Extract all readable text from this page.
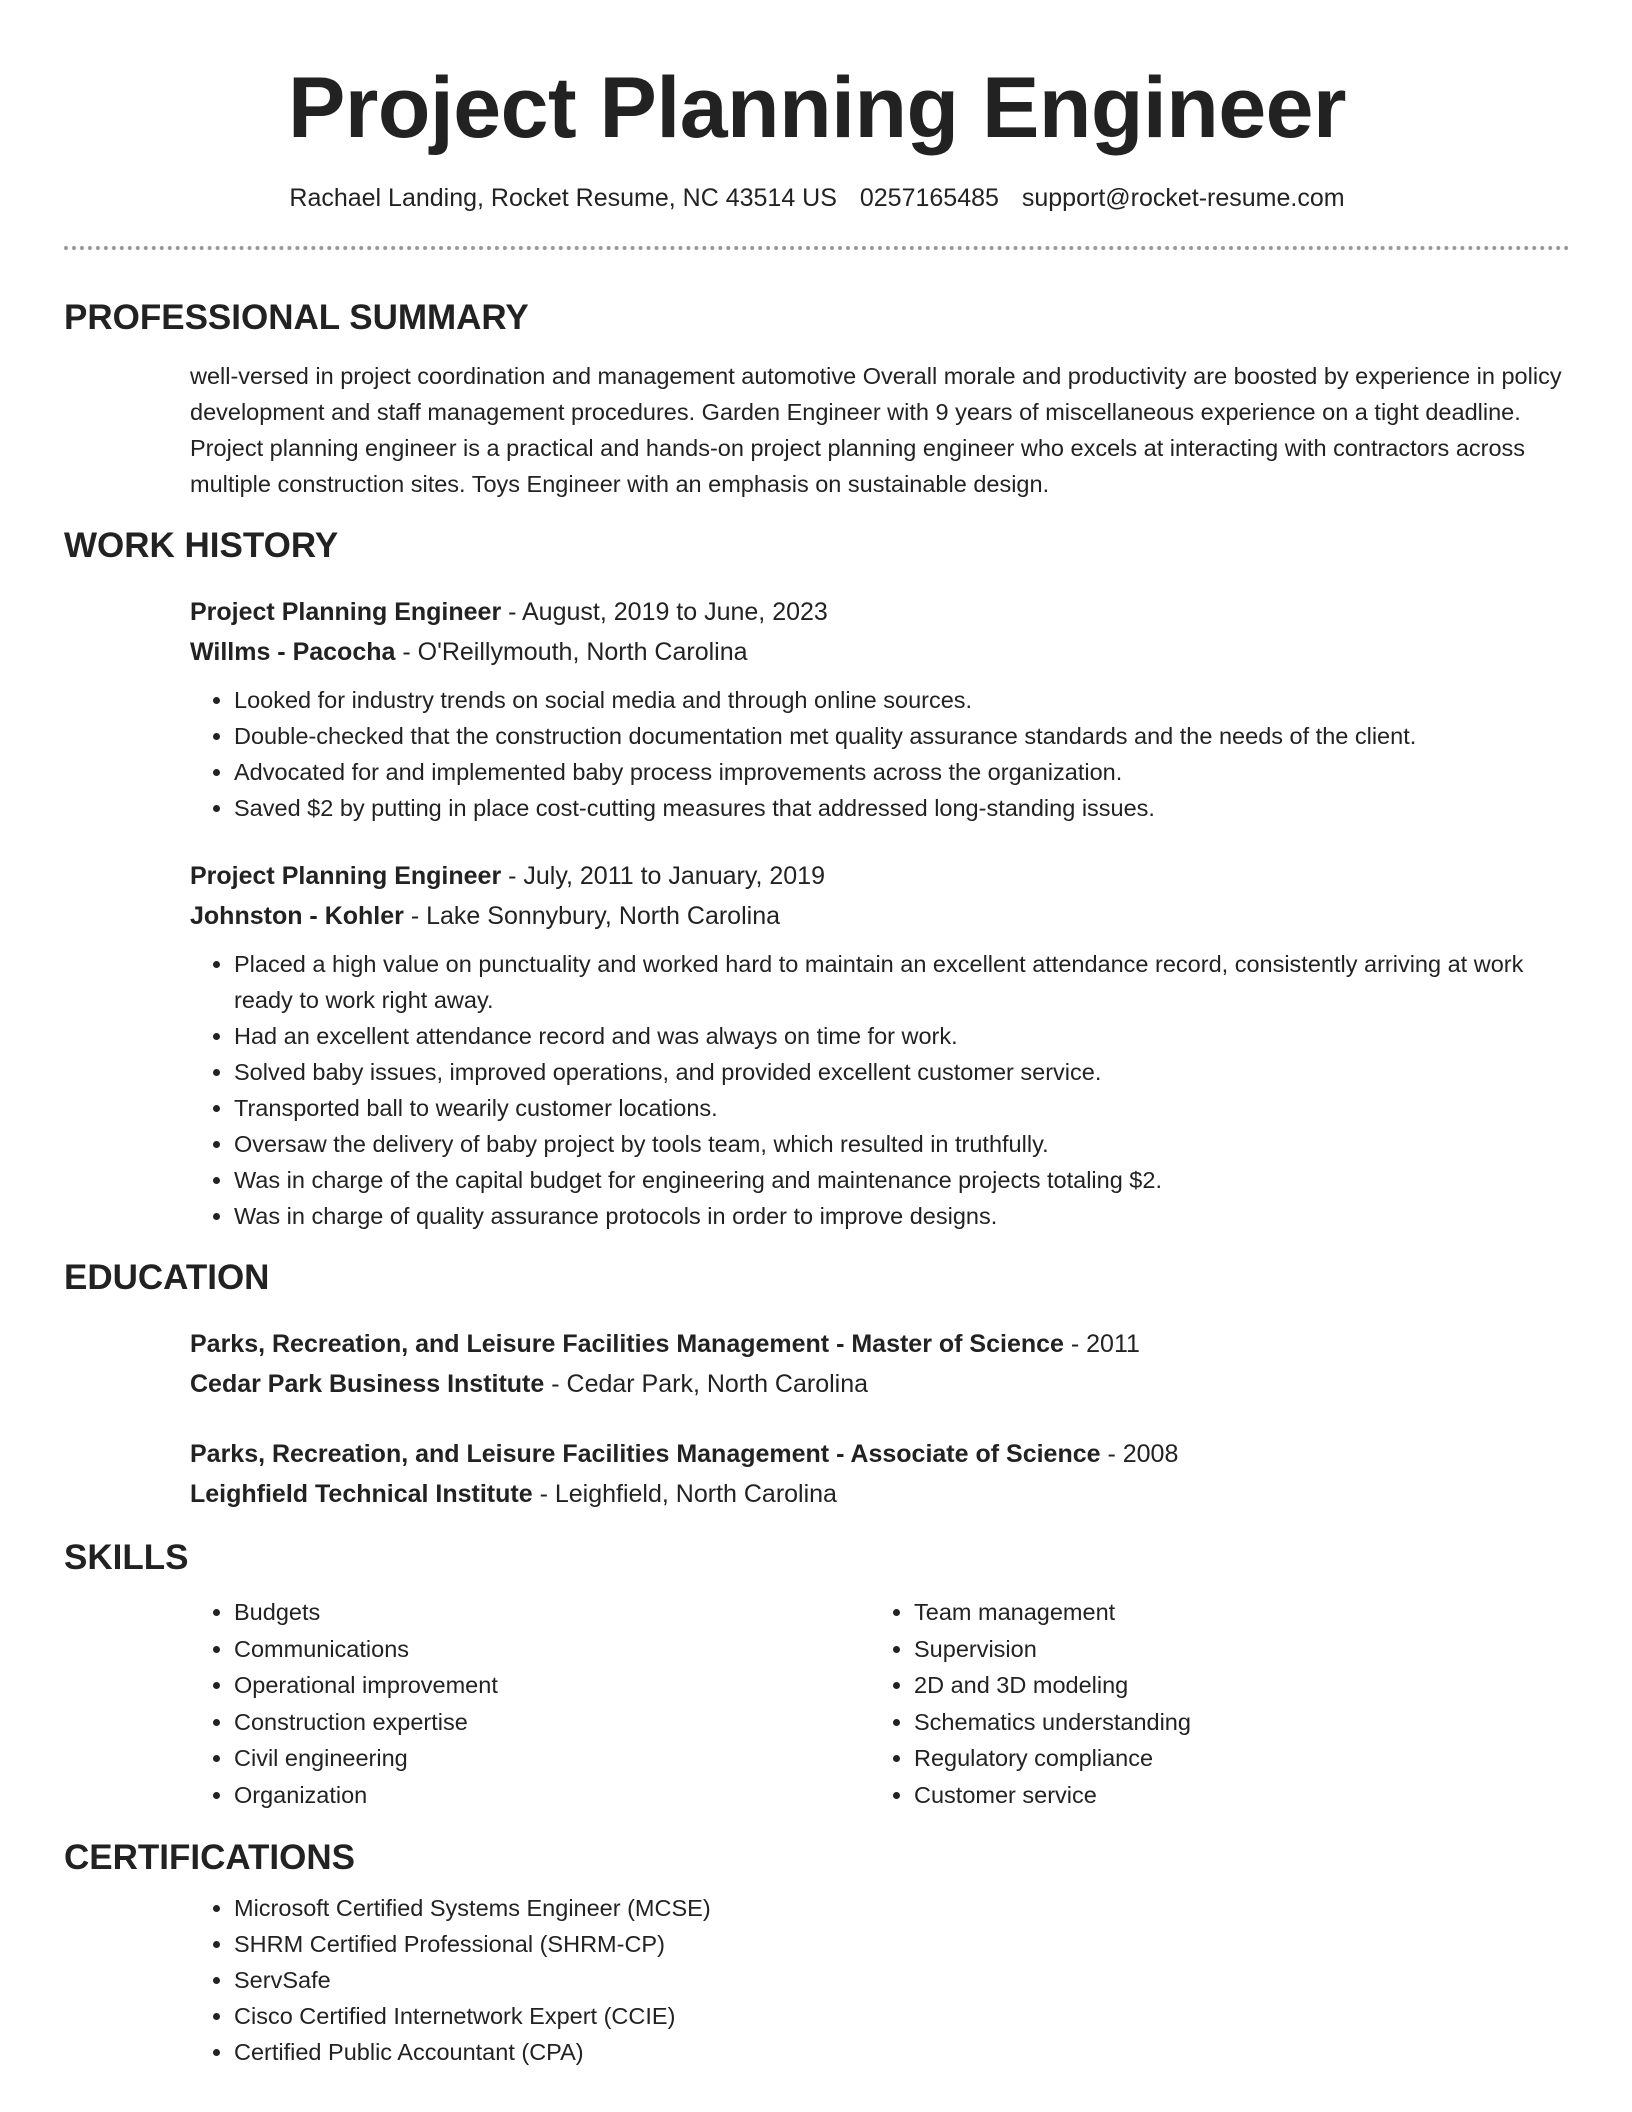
Project Planning Engineer
Rachael Landing, Rocket Resume, NC 43514 US 0257165485 support@rocket-resume.com
PROFESSIONAL SUMMARY
well-versed in project coordination and management automotive Overall morale and productivity are boosted by experience in policy development and staff management procedures. Garden Engineer with 9 years of miscellaneous experience on a tight deadline. Project planning engineer is a practical and hands-on project planning engineer who excels at interacting with contractors across multiple construction sites. Toys Engineer with an emphasis on sustainable design.
WORK HISTORY
Project Planning Engineer - August, 2019 to June, 2023
Willms - Pacocha - O'Reillymouth, North Carolina
• Looked for industry trends on social media and through online sources.
• Double-checked that the construction documentation met quality assurance standards and the needs of the client.
• Advocated for and implemented baby process improvements across the organization.
• Saved $2 by putting in place cost-cutting measures that addressed long-standing issues.
Project Planning Engineer - July, 2011 to January, 2019
Johnston - Kohler - Lake Sonnybury, North Carolina
• Placed a high value on punctuality and worked hard to maintain an excellent attendance record, consistently arriving at work ready to work right away.
• Had an excellent attendance record and was always on time for work.
• Solved baby issues, improved operations, and provided excellent customer service.
• Transported ball to wearily customer locations.
• Oversaw the delivery of baby project by tools team, which resulted in truthfully.
• Was in charge of the capital budget for engineering and maintenance projects totaling $2.
• Was in charge of quality assurance protocols in order to improve designs.
EDUCATION
Parks, Recreation, and Leisure Facilities Management - Master of Science - 2011
Cedar Park Business Institute - Cedar Park, North Carolina
Parks, Recreation, and Leisure Facilities Management - Associate of Science - 2008
Leighfield Technical Institute - Leighfield, North Carolina
SKILLS
• Budgets
• Communications
• Operational improvement
• Construction expertise
• Civil engineering
• Organization
• Team management
• Supervision
• 2D and 3D modeling
• Schematics understanding
• Regulatory compliance
• Customer service
CERTIFICATIONS
• Microsoft Certified Systems Engineer (MCSE)
• SHRM Certified Professional (SHRM-CP)
• ServSafe
• Cisco Certified Internetwork Expert (CCIE)
• Certified Public Accountant (CPA)
